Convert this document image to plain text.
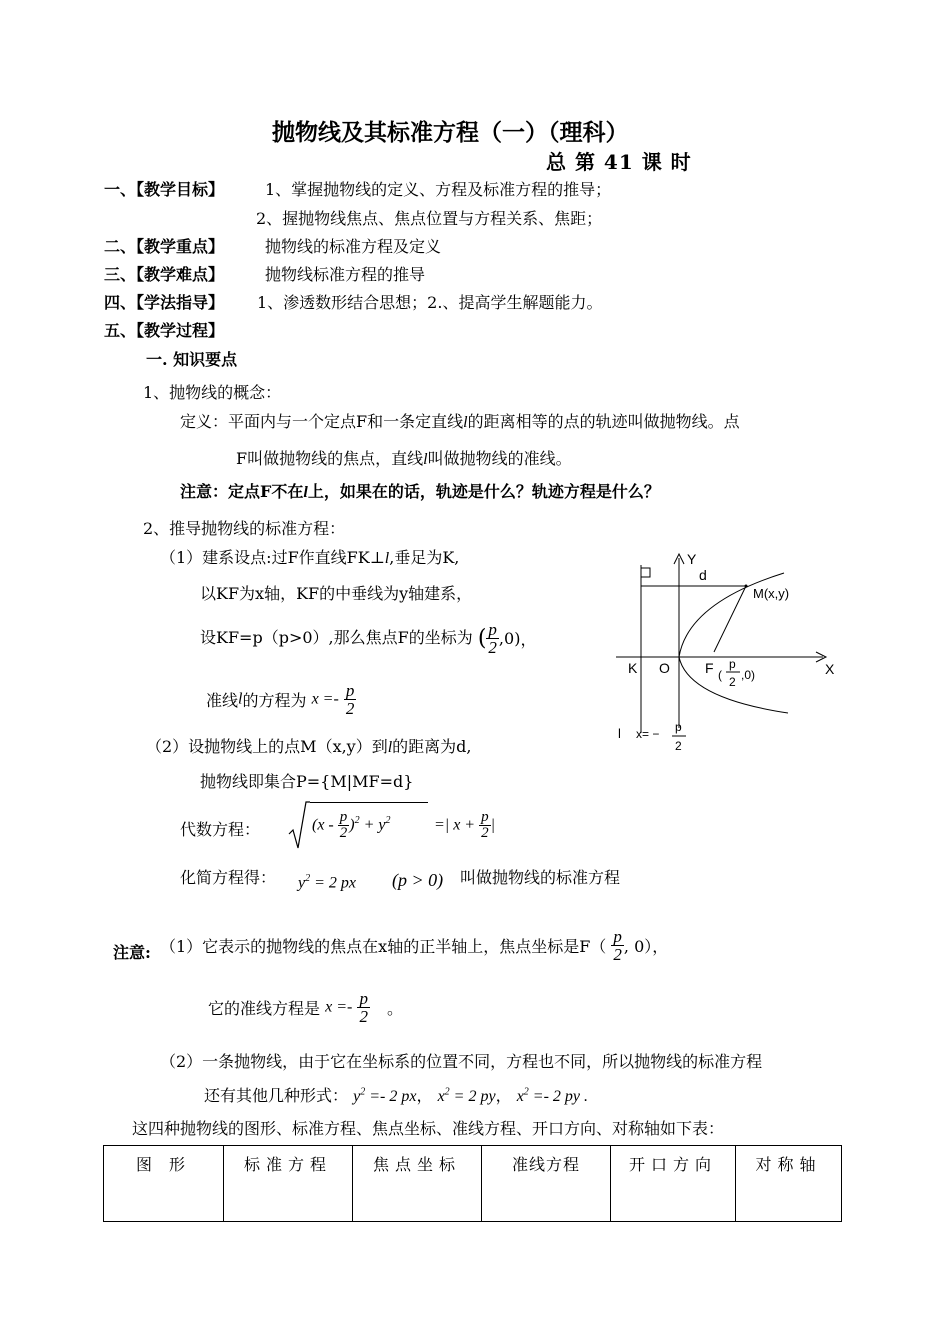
抛物线及其标准方程（一）（理科）
总 第 41 课 时
一、【教学目标】	1、掌握抛物线的定义、方程及标准方程的推导；
2、握抛物线焦点、焦点位置与方程关系、焦距；
二、【教学重点】	抛物线的标准方程及定义
三、【教学难点】	抛物线标准方程的推导
四、【学法指导】 1、渗透数形结合思想；2.、提高学生解题能力。
五、【教学过程】
一. 知识要点
1、抛物线的概念：
定义：平面内与一个定点F和一条定直线l的距离相等的点的轨迹叫做抛物线。点
F叫做抛物线的焦点，直线l叫做抛物线的准线。
注意：定点F不在l上，如果在的话，轨迹是什么？轨迹方程是什么？
2、推导抛物线的标准方程：
（1）建系设点:过F作直线FK⊥l,垂足为K,
以KF为x轴，KF的中垂线为y轴建系，
设KF=p（p>0）,那么焦点F的坐标为 ( $\frac{p}{2} ,0$)，
准线l的方程为 $x =- \frac{p}{2}$
（2）设抛物线上的点M（x,y）到l的距离为d,
抛物线即集合P={M|MF=d}
代数方程：	$(x - \frac{p}{2} )^2 + y^2$	=| $x + \frac{p}{2}$ |
化简方程得： $y^2 = 2$ px (p > 0) 叫做抛物线的标准方程
注意: （1）它表示的抛物线的焦点在x轴的正半轴上，焦点坐标是$F( \frac{p}{2}$ , 0），
它的准线方程是 $x =- \frac{p}{2}$ 。
（2）一条抛物线，由于它在坐标系的位置不同，方程也不同，所以抛物线的标准方程
还有其他几种形式： $y^2 =- 2$ px， $x^2 = 2$ py， $x^2 =- 2$ py .
这四种抛物线的图形、标准方程、焦点坐标、准线方程、开口方向、对称轴如下表：
图 形	标准方程	焦点坐标	准线方程	开口方向	对称轴
Y
X
d
M(x,y)
K O	F p
2
( ,0)
l x= − p
2
